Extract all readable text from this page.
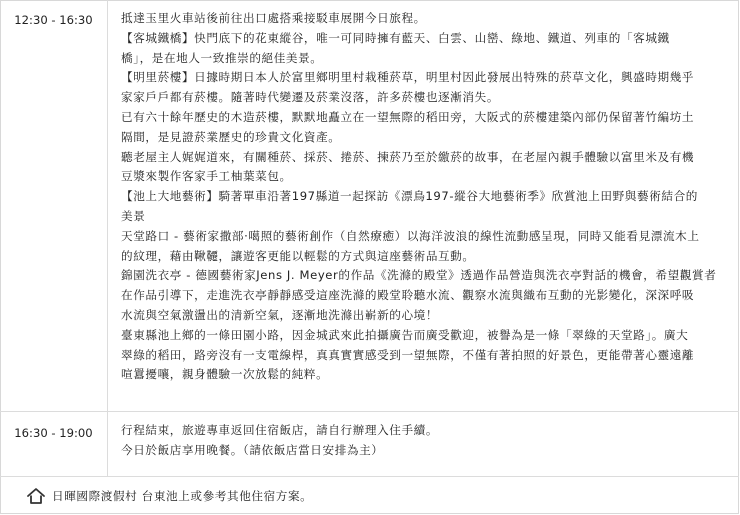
12:30 - 16:30	抵達玉里火車站後前往出口處搭乘接駁車展開今日旅程。
【客城鐵橋】快門底下的花東縱谷，唯一可同時擁有藍天、白雲、山巒、綠地、鐵道、列車的「客城鐵
橋」，是在地人一致推崇的絕佳美景。
【明里菸樓】日據時期日本人於富里鄉明里村栽種菸草，明里村因此發展出特殊的菸草文化，興盛時期幾乎
家家戶戶都有菸樓。隨著時代變遷及菸業沒落，許多菸樓也逐漸消失。
已有六十餘年歷史的木造菸樓，默默地矗立在一望無際的稻田旁，大阪式的菸樓建築內部仍保留著竹編坊土
隔間，是見證菸業歷史的珍貴文化資產。
聽老屋主人娓娓道來，有關種菸、採菸、捲菸、揀菸乃至於繳菸的故事，在老屋內親手體驗以富里米及有機
豆漿來製作客家手工柚葉菜包。
【池上大地藝術】騎著單車沿著197縣道一起探訪《漂鳥197-縱谷大地藝術季》欣賞池上田野與藝術結合的
美景
天堂路口 - 藝術家撒部‧噶照的藝術創作（自然療癒）以海洋波浪的線性流動感呈現，同時又能看見漂流木上
的紋理，藉由鞦韆，讓遊客更能以輕鬆的方式與這座藝術品互動。
錦園洗衣亭 - 德國藝術家Jens J. Meyer的作品《洗滌的殿堂》透過作品營造與洗衣亭對話的機會，希望觀賞者
在作品引導下，走進洗衣亭靜靜感受這座洗滌的殿堂聆聽水流、觀察水流與織布互動的光影變化，深深呼吸
水流與空氣激盪出的清新空氣，逐漸地洗滌出嶄新的心境！
臺東縣池上鄉的一條田園小路，因金城武來此拍攝廣告而廣受歡迎，被譽為是一條「翠綠的天堂路」。廣大
翠綠的稻田，路旁沒有一支電線桿，真真實實感受到一望無際，不僅有著拍照的好景色，更能帶著心靈遠離
喧囂擾嚷，親身體驗一次放鬆的純粹。
16:30 - 19:00	行程結束，旅遊專車返回住宿飯店，請自行辦理入住手續。
今日於飯店享用晚餐。（請依飯店當日安排為主）
日暉國際渡假村 台東池上或參考其他住宿方案。
